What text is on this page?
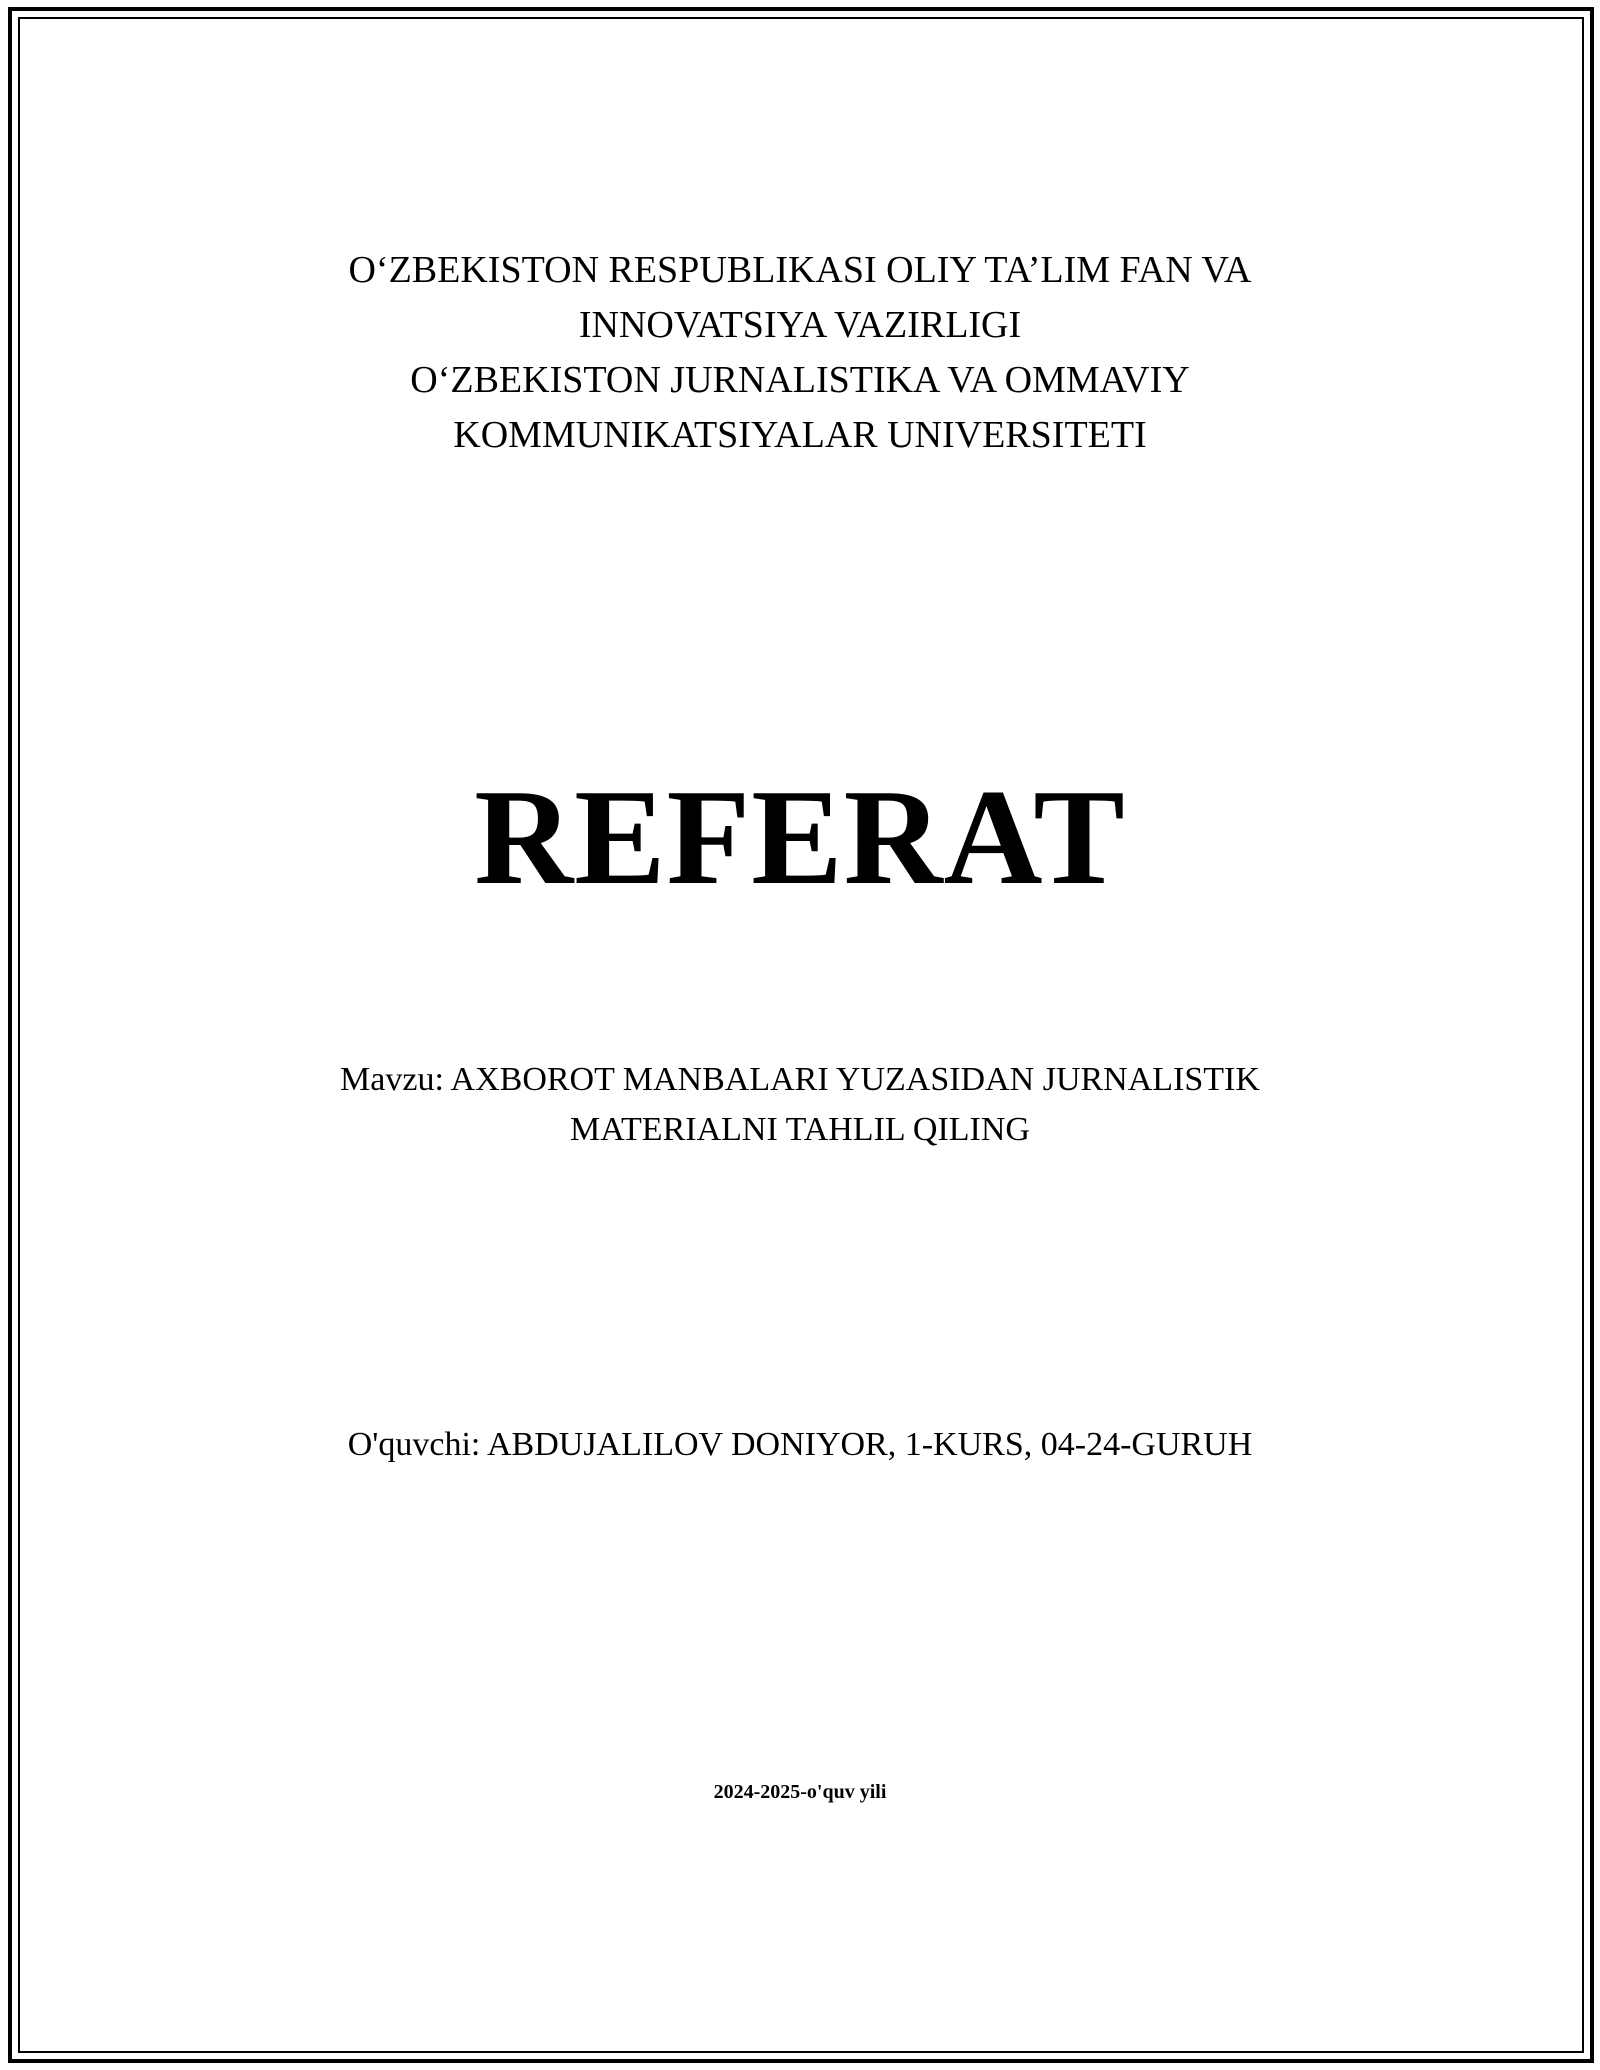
O‘ZBEKISTON RESPUBLIKASI OLIY TA’LIM FAN VA
INNOVATSIYA VAZIRLIGI
O‘ZBEKISTON JURNALISTIKA VA OMMAVIY
KOMMUNIKATSIYALAR UNIVERSITETI
REFERAT
Mavzu: AXBOROT MANBALARI YUZASIDAN JURNALISTIK
MATERIALNI TAHLIL QILING
O'quvchi: ABDUJALILOV DONIYOR, 1-KURS, 04-24-GURUH
2024-2025-o'quv yili
